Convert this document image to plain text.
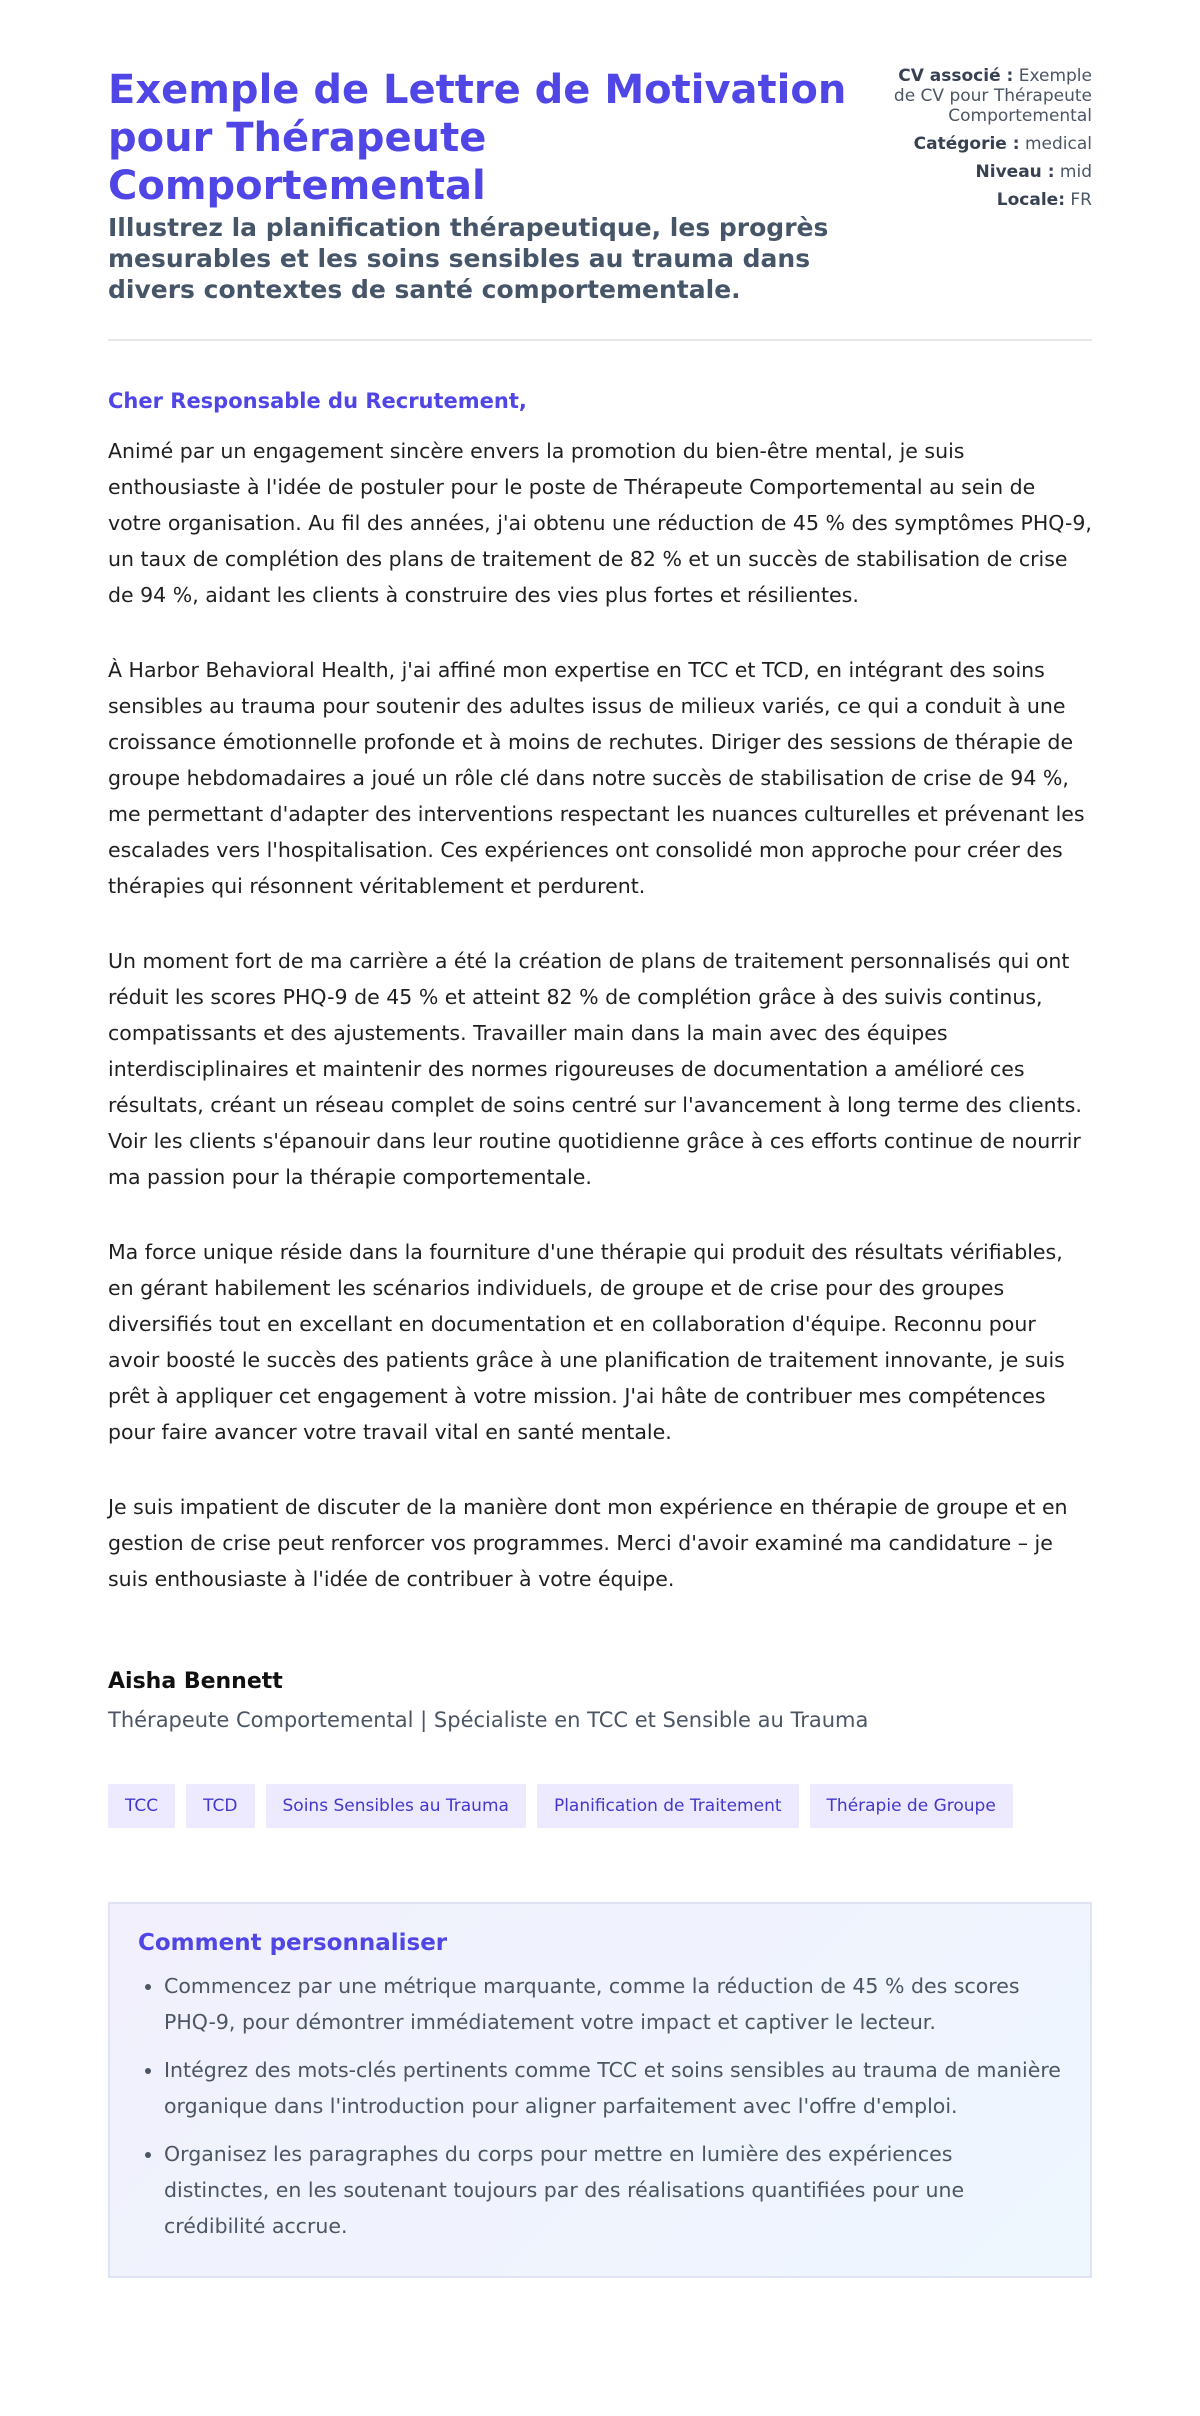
Exemple de Lettre de Motivation pour Thérapeute Comportemental

Illustrez la planification thérapeutique, les progrès mesurables et les soins sensibles au trauma dans divers contextes de santé comportementale.

CV associé : Exemple de CV pour Thérapeute Comportemental
Catégorie : medical
Niveau : mid
Locale: FR
Cher Responsable du Recrutement,

Animé par un engagement sincère envers la promotion du bien-être mental, je suis enthousiaste à l'idée de postuler pour le poste de Thérapeute Comportemental au sein de votre organisation. Au fil des années, j'ai obtenu une réduction de 45 % des symptômes PHQ-9, un taux de complétion des plans de traitement de 82 % et un succès de stabilisation de crise de 94 %, aidant les clients à construire des vies plus fortes et résilientes.

À Harbor Behavioral Health, j'ai affiné mon expertise en TCC et TCD, en intégrant des soins sensibles au trauma pour soutenir des adultes issus de milieux variés, ce qui a conduit à une croissance émotionnelle profonde et à moins de rechutes. Diriger des sessions de thérapie de groupe hebdomadaires a joué un rôle clé dans notre succès de stabilisation de crise de 94 %, me permettant d'adapter des interventions respectant les nuances culturelles et prévenant les escalades vers l'hospitalisation. Ces expériences ont consolidé mon approche pour créer des thérapies qui résonnent véritablement et perdurent.

Un moment fort de ma carrière a été la création de plans de traitement personnalisés qui ont réduit les scores PHQ-9 de 45 % et atteint 82 % de complétion grâce à des suivis continus, compatissants et des ajustements. Travailler main dans la main avec des équipes interdisciplinaires et maintenir des normes rigoureuses de documentation a amélioré ces résultats, créant un réseau complet de soins centré sur l'avancement à long terme des clients. Voir les clients s'épanouir dans leur routine quotidienne grâce à ces efforts continue de nourrir ma passion pour la thérapie comportementale.

Ma force unique réside dans la fourniture d'une thérapie qui produit des résultats vérifiables, en gérant habilement les scénarios individuels, de groupe et de crise pour des groupes diversifiés tout en excellant en documentation et en collaboration d'équipe. Reconnu pour avoir boosté le succès des patients grâce à une planification de traitement innovante, je suis prêt à appliquer cet engagement à votre mission. J'ai hâte de contribuer mes compétences pour faire avancer votre travail vital en santé mentale.

Je suis impatient de discuter de la manière dont mon expérience en thérapie de groupe et en gestion de crise peut renforcer vos programmes. Merci d'avoir examiné ma candidature – je suis enthousiaste à l'idée de contribuer à votre équipe.

Aisha Bennett
Thérapeute Comportemental | Spécialiste en TCC et Sensible au Trauma
TCC	TCD	Soins Sensibles au Trauma	Planification de Traitement	Thérapie de Groupe
Comment personnaliser
• Commencez par une métrique marquante, comme la réduction de 45 % des scores PHQ-9, pour démontrer immédiatement votre impact et captiver le lecteur.
• Intégrez des mots-clés pertinents comme TCC et soins sensibles au trauma de manière organique dans l'introduction pour aligner parfaitement avec l'offre d'emploi.
• Organisez les paragraphes du corps pour mettre en lumière des expériences distinctes, en les soutenant toujours par des réalisations quantifiées pour une crédibilité accrue.
